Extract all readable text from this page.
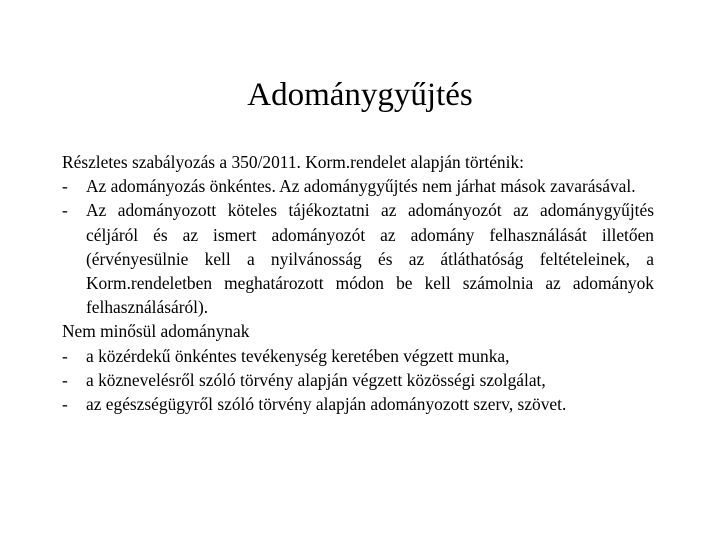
Adománygyűjtés

Részletes szabályozás a 350/2011. Korm.rendelet alapján történik:

-	Az adományozás önkéntes. Az adománygyűjtés nem járhat mások zavarásával.
-	Az adományozott köteles tájékoztatni az adományozót az adománygyűjtés céljáról és az ismert adományozót az adomány felhasználását illetően (érvényesülnie kell a nyilvánosság és az átláthatóság feltételeinek, a Korm.rendeletben meghatározott módon be kell számolnia az adományok felhasználásáról).

Nem minősül adománynak

-	a közérdekű önkéntes tevékenység keretében végzett munka,
-	a köznevelésről szóló törvény alapján végzett közösségi szolgálat,
-	az egészségügyről szóló törvény alapján adományozott szerv, szövet.
